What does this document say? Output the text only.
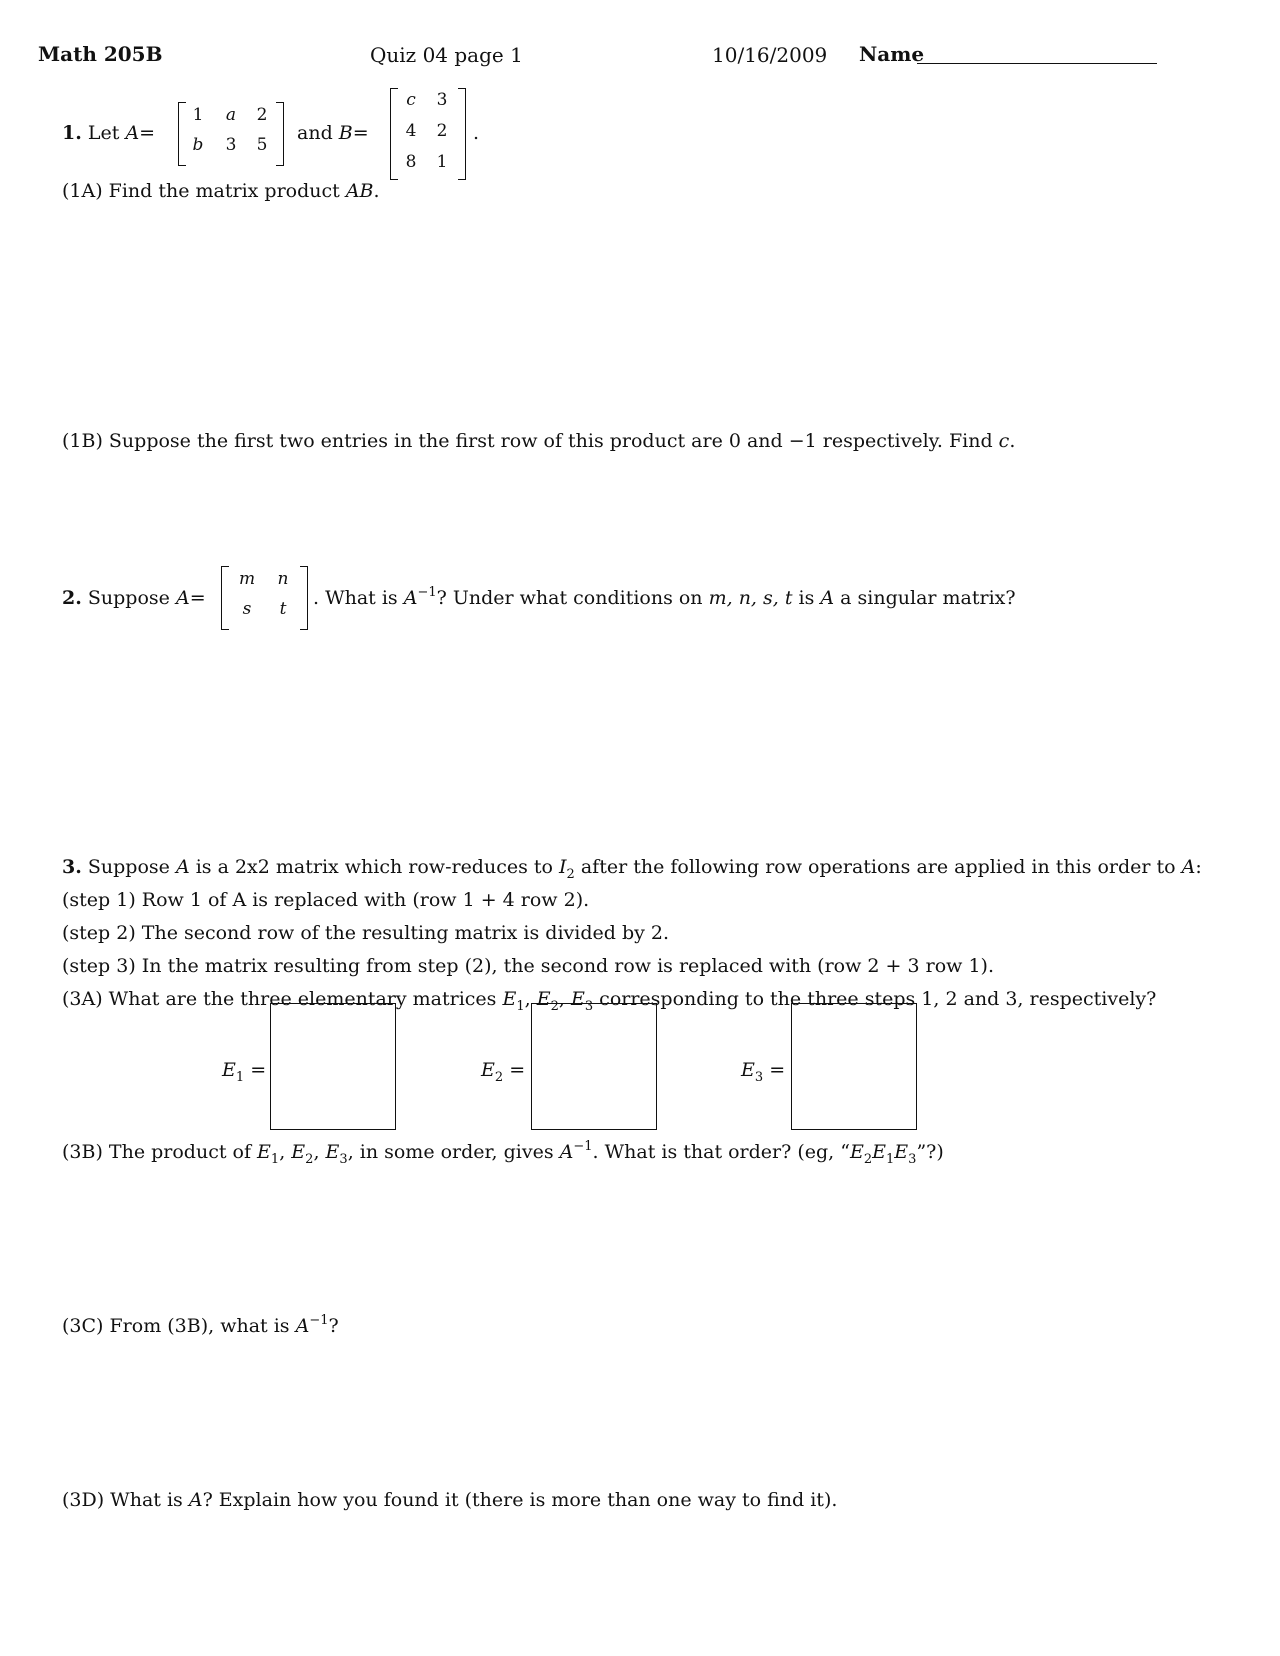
Math 205B	Quiz 04 page 1	10/16/2009 Name
1. Let A=
1	a	2
b	3	5
and B=
c	3
4	2
8	1
.
(1A) Find the matrix product AB.
(1B) Suppose the first two entries in the first row of this product are 0 and −1 respectively. Find c.
2. Suppose A=
m	n
s	t	. What is $A^{-1}$? Under what conditions on m, n, s, t is A a singular matrix?
3. Suppose A is a 2x2 matrix which row-reduces to $I_2$ after the following row operations are applied in this order to A:
(step 1) Row 1 of A is replaced with (row 1 + 4 row 2).
(step 2) The second row of the resulting matrix is divided by 2.
(step 3) In the matrix resulting from step (2), the second row is replaced with (row 2 + 3 row 1).
(3A) What are the three elementary matrices $E_1$, $E_2$, $E_3$ corresponding to the three steps 1, 2 and 3, respectively?
$E_1$ =	$E_2$ =	$E_3$ =
(3B) The product of $E_1$, $E_2$, $E_3$, in some order, gives $A^{-1}$. What is that order? (eg, “$E_2E_1E_3$”?)
(3C) From (3B), what is $A^{-1}$?
(3D) What is A? Explain how you found it (there is more than one way to find it).
